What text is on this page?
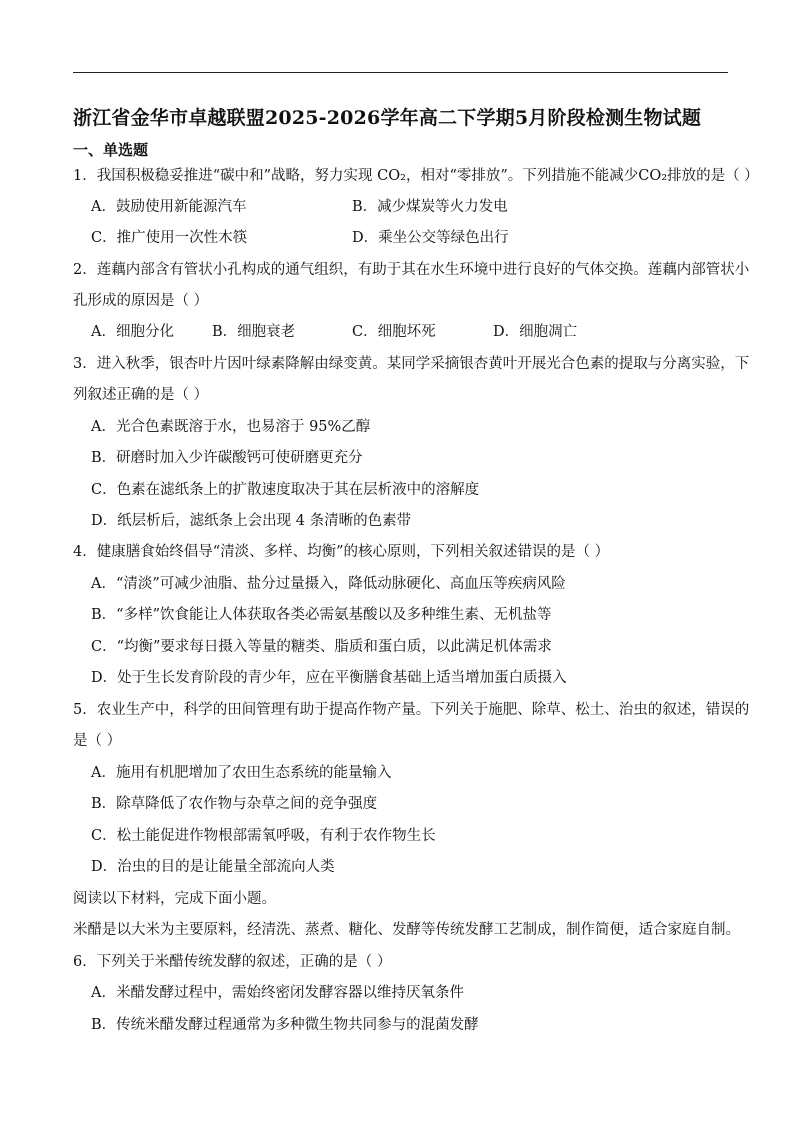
浙江省金华市卓越联盟2025-2026学年高二下学期5月阶段检测生物试题
一、单选题
1．我国积极稳妥推进“碳中和”战略，努力实现 CO₂，相对“零排放”。下列措施不能减少CO₂排放的是（ ）
A．鼓励使用新能源汽车	B．减少煤炭等火力发电
C．推广使用一次性木筷	D．乘坐公交等绿色出行
2．莲藕内部含有管状小孔构成的通气组织，有助于其在水生环境中进行良好的气体交换。莲藕内部管状小
孔形成的原因是（ ）
A．细胞分化	B．细胞衰老	C．细胞坏死	D．细胞凋亡
3．进入秋季，银杏叶片因叶绿素降解由绿变黄。某同学采摘银杏黄叶开展光合色素的提取与分离实验，下
列叙述正确的是（ ）
A．光合色素既溶于水，也易溶于 95%乙醇
B．研磨时加入少许碳酸钙可使研磨更充分
C．色素在滤纸条上的扩散速度取决于其在层析液中的溶解度
D．纸层析后，滤纸条上会出现 4 条清晰的色素带
4．健康膳食始终倡导“清淡、多样、均衡”的核心原则，下列相关叙述错误的是（ ）
A．“清淡”可减少油脂、盐分过量摄入，降低动脉硬化、高血压等疾病风险
B．“多样”饮食能让人体获取各类必需氨基酸以及多种维生素、无机盐等
C．“均衡”要求每日摄入等量的糖类、脂质和蛋白质，以此满足机体需求
D．处于生长发育阶段的青少年，应在平衡膳食基础上适当增加蛋白质摄入
5．农业生产中，科学的田间管理有助于提高作物产量。下列关于施肥、除草、松土、治虫的叙述，错误的
是（ ）
A．施用有机肥增加了农田生态系统的能量输入
B．除草降低了农作物与杂草之间的竞争强度
C．松土能促进作物根部需氧呼吸，有利于农作物生长
D．治虫的目的是让能量全部流向人类
阅读以下材料，完成下面小题。
米醋是以大米为主要原料，经清洗、蒸煮、糖化、发酵等传统发酵工艺制成，制作简便，适合家庭自制。
6．下列关于米醋传统发酵的叙述，正确的是（ ）
A．米醋发酵过程中，需始终密闭发酵容器以维持厌氧条件
B．传统米醋发酵过程通常为多种微生物共同参与的混菌发酵
